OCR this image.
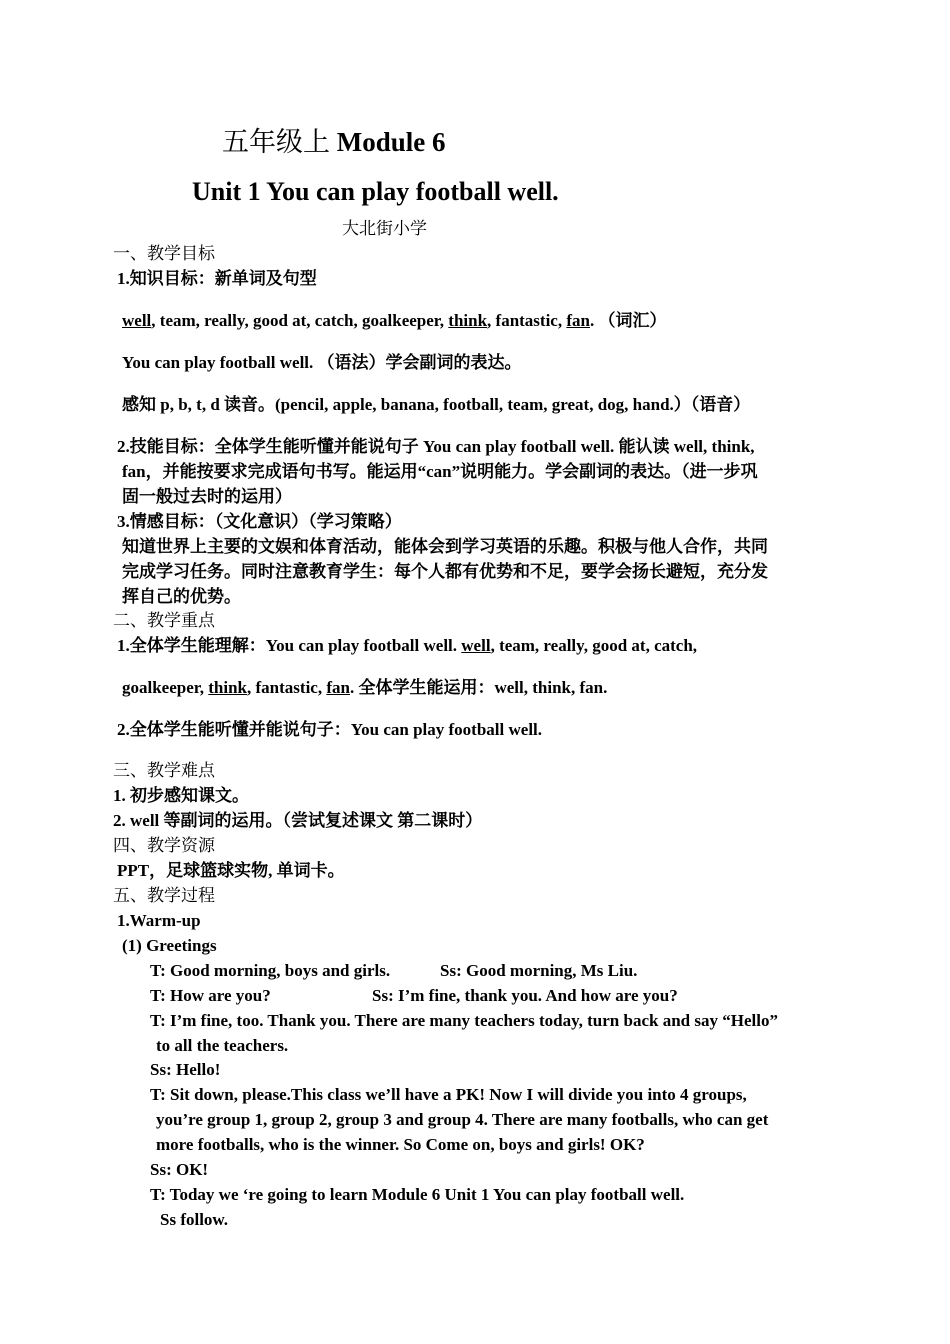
五年级上 Module 6
Unit 1 You can play football well.
大北街小学
一、教学目标
1.知识目标：新单词及句型
well, team, really, good at, catch, goalkeeper, think, fantastic, fan. （词汇）
You can play football well. （语法）学会副词的表达。
感知 p, b, t, d 读音。(pencil, apple, banana, football, team, great, dog, hand.）（语音）
2.技能目标：全体学生能听懂并能说句子 You can play football well. 能认读 well, think,
fan，并能按要求完成语句书写。能运用“can”说明能力。学会副词的表达。（进一步巩
固一般过去时的运用）
3.情感目标：（文化意识）（学习策略）
知道世界上主要的文娱和体育活动，能体会到学习英语的乐趣。积极与他人合作，共同
完成学习任务。同时注意教育学生：每个人都有优势和不足，要学会扬长避短，充分发
挥自己的优势。
二、教学重点
1.全体学生能理解：You can play football well. well, team, really, good at, catch,
goalkeeper, think, fantastic, fan. 全体学生能运用：well, think, fan.
2.全体学生能听懂并能说句子：You can play football well.
三、教学难点
1. 初步感知课文。
2. well 等副词的运用。（尝试复述课文 第二课时）
四、教学资源
PPT，足球篮球实物, 单词卡。
五、教学过程
1.Warm-up
(1) Greetings
T: Good morning, boys and girls.	Ss: Good morning, Ms Liu.
T: How are you?	Ss: I’m fine, thank you. And how are you?
T: I’m fine, too. Thank you. There are many teachers today, turn back and say “Hello”
to all the teachers.
Ss: Hello!
T: Sit down, please.This class we’ll have a PK! Now I will divide you into 4 groups,
you’re group 1, group 2, group 3 and group 4. There are many footballs, who can get
more footballs, who is the winner. So Come on, boys and girls! OK?
Ss: OK!
T: Today we ‘re going to learn Module 6 Unit 1 You can play football well.
Ss follow.
